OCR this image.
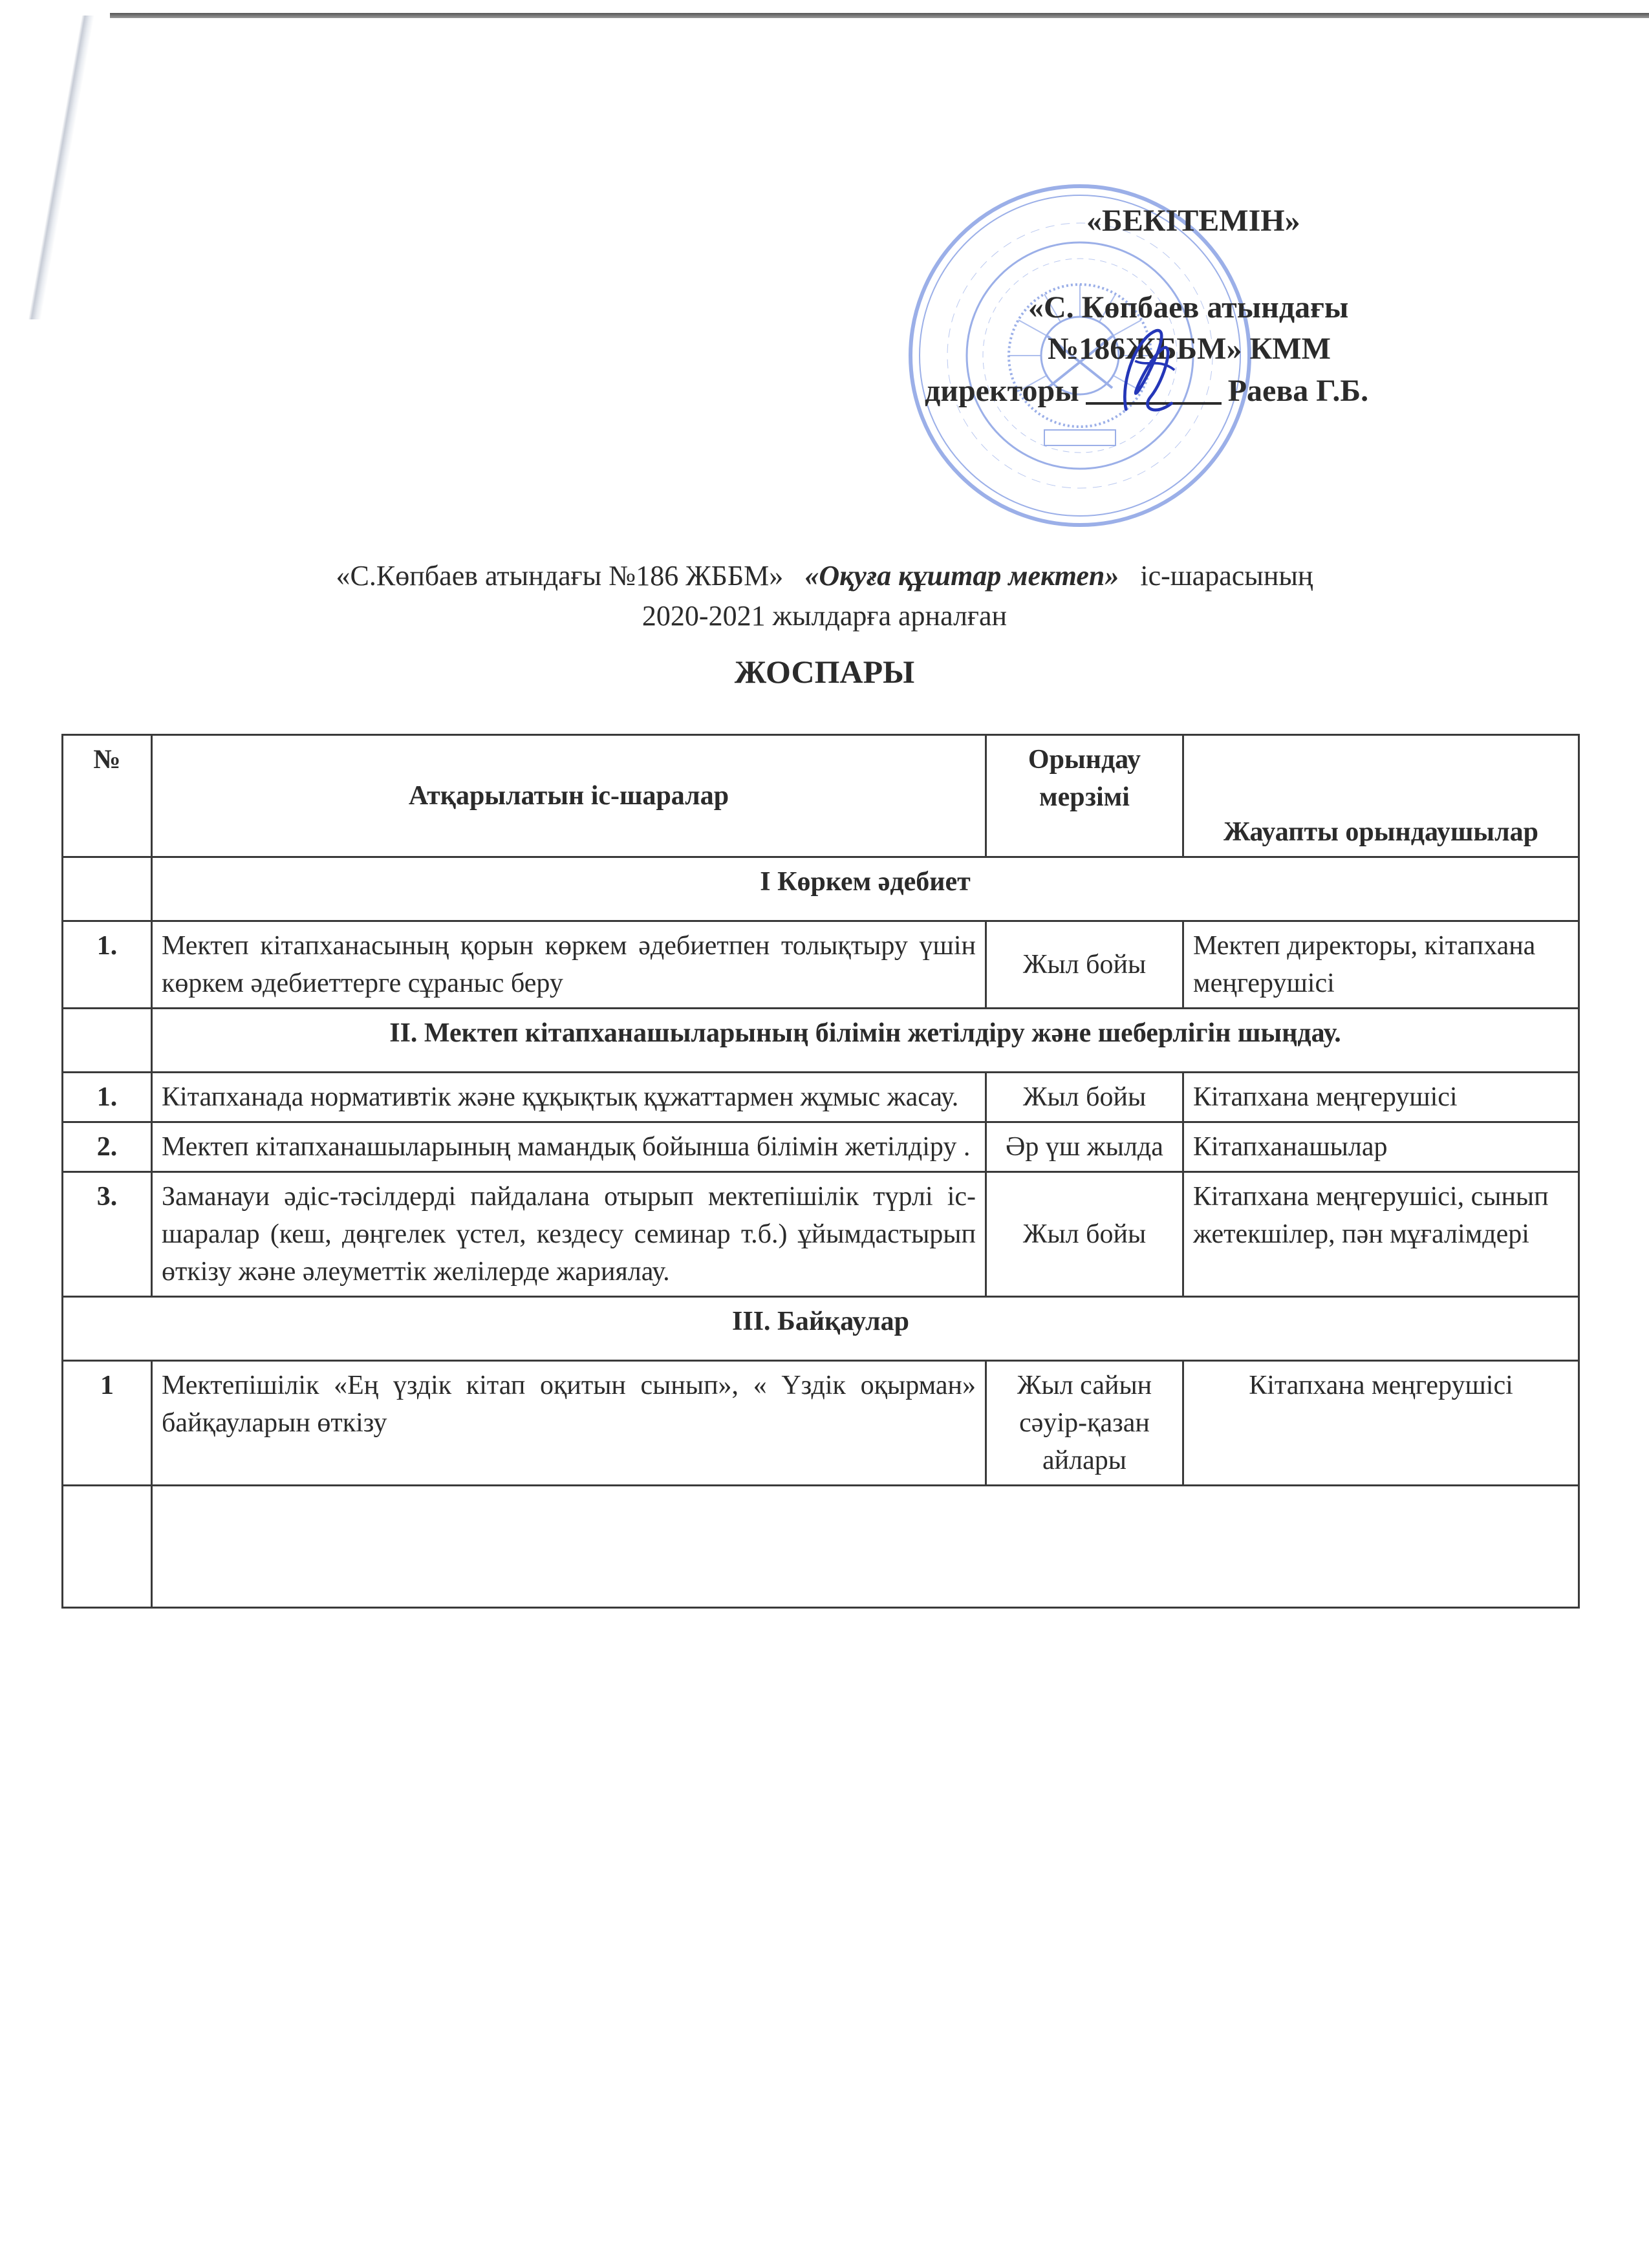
«БЕКІТЕМІН»
«С. Көпбаев атындағы
№186ЖББМ» КММ
директоры	Раева Г.Б.
«С.Көпбаев атындағы №186 ЖББМ» «Оқуға құштар мектеп» іс-шарасының
2020-2021 жылдарға арналған
ЖОСПАРЫ
№	Атқарылатын іс-шаралар	Орындау мерзімі	Жауапты орындаушылар
	І Көркем әдебиет		
1.	Мектеп кітапханасының қорын көркем әдебиетпен толықтыру үшін көркем әдебиеттерге сұраныс беру	Жыл бойы	Мектеп директоры, кітапхана меңгерушісі
	ІІ. Мектеп кітапханашыларының білімін жетілдіру және шеберлігін шыңдау.		
1.	Кітапханада нормативтік және құқықтық құжаттармен жұмыс жасау.	Жыл бойы	Кітапхана меңгерушісі
2.	Мектеп кітапханашыларының мамандық бойынша білімін жетілдіру .	Әр үш жылда	Кітапханашылар
3.	Заманауи әдіс-тәсілдерді пайдалана отырып мектепішілік түрлі іс-шаралар (кеш, дөңгелек үстел, кездесу семинар т.б.) ұйымдастырып өткізу және әлеуметтік желілерде жариялау.	Жыл бойы	Кітапхана меңгерушісі, сынып жетекшілер, пән мұғалімдері
ІІІ. Байқаулар			
1	Мектепішілік «Ең үздік кітап оқитын сынып», « Үздік оқырман» байқауларын өткізу	Жыл сайын сәуір-қазан айлары	Кітапхана меңгерушісі
